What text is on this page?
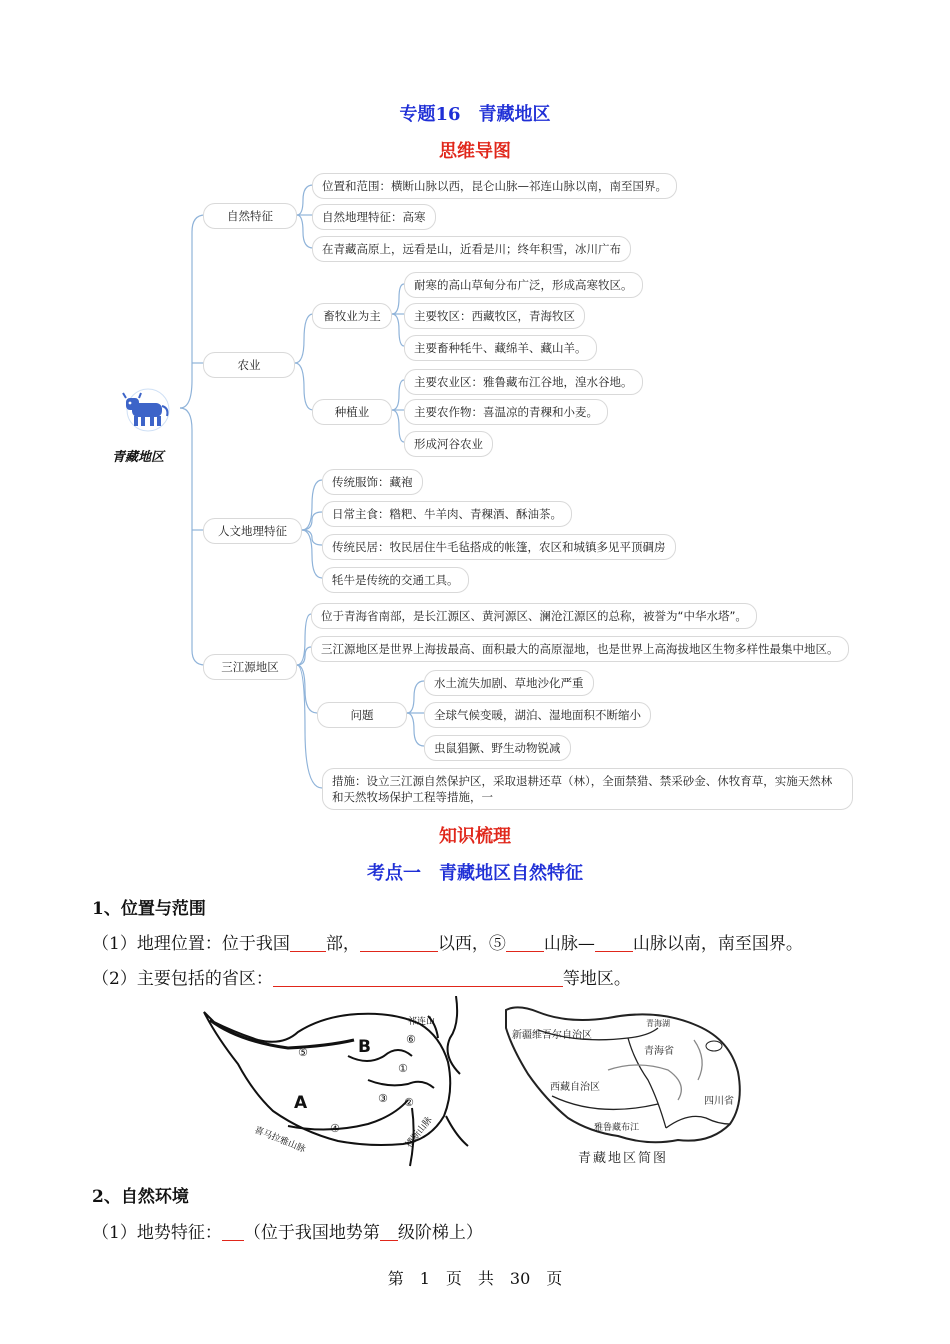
专题16　青藏地区
思维导图
青藏地区
自然特征
农业
人文地理特征
三江源地区
位置和范围：横断山脉以西，昆仑山脉—祁连山脉以南，南至国界。
自然地理特征：高寒
在青藏高原上，远看是山，近看是川；终年积雪，冰川广布
畜牧业为主
种植业
耐寒的高山草甸分布广泛，形成高寒牧区。
主要牧区：西藏牧区，青海牧区
主要畜种牦牛、藏绵羊、藏山羊。
主要农业区：雅鲁藏布江谷地，湟水谷地。
主要农作物：喜温凉的青稞和小麦。
形成河谷农业
传统服饰：藏袍
日常主食：糌粑、牛羊肉、青稞酒、酥油茶。
传统民居：牧民居住牛毛毡搭成的帐篷，农区和城镇多见平顶碉房
牦牛是传统的交通工具。
位于青海省南部，是长江源区、黄河源区、澜沧江源区的总称，被誉为“中华水塔”。
三江源地区是世界上海拔最高、面积最大的高原湿地，也是世界上高海拔地区生物多样性最集中地区。
问题
水土流失加剧、草地沙化严重
全球气候变暖，湖泊、湿地面积不断缩小
虫鼠猖獗、野生动物锐减
措施：设立三江源自然保护区，采取退耕还草（林），全面禁猎、禁采砂金、休牧育草，实施天然林和天然牧场保护工程等措施，一
知识梳理
考点一　青藏地区自然特征
1、位置与范围
（1）地理位置：位于我国 部，	以西，⑤ 山脉— 山脉以南，南至国界。
（2）主要包括的省区：	等地区。
祁连山
B
A
⑤
⑥
①
②
③
④	横断山脉
喜马拉雅山脉
新疆维吾尔自治区
青海湖
青海省
西藏自治区
四川省
雅鲁藏布江
青藏地区简图
2、自然环境
（1）地势特征： （位于我国地势第 级阶梯上）
第　1　页　共　30　页
